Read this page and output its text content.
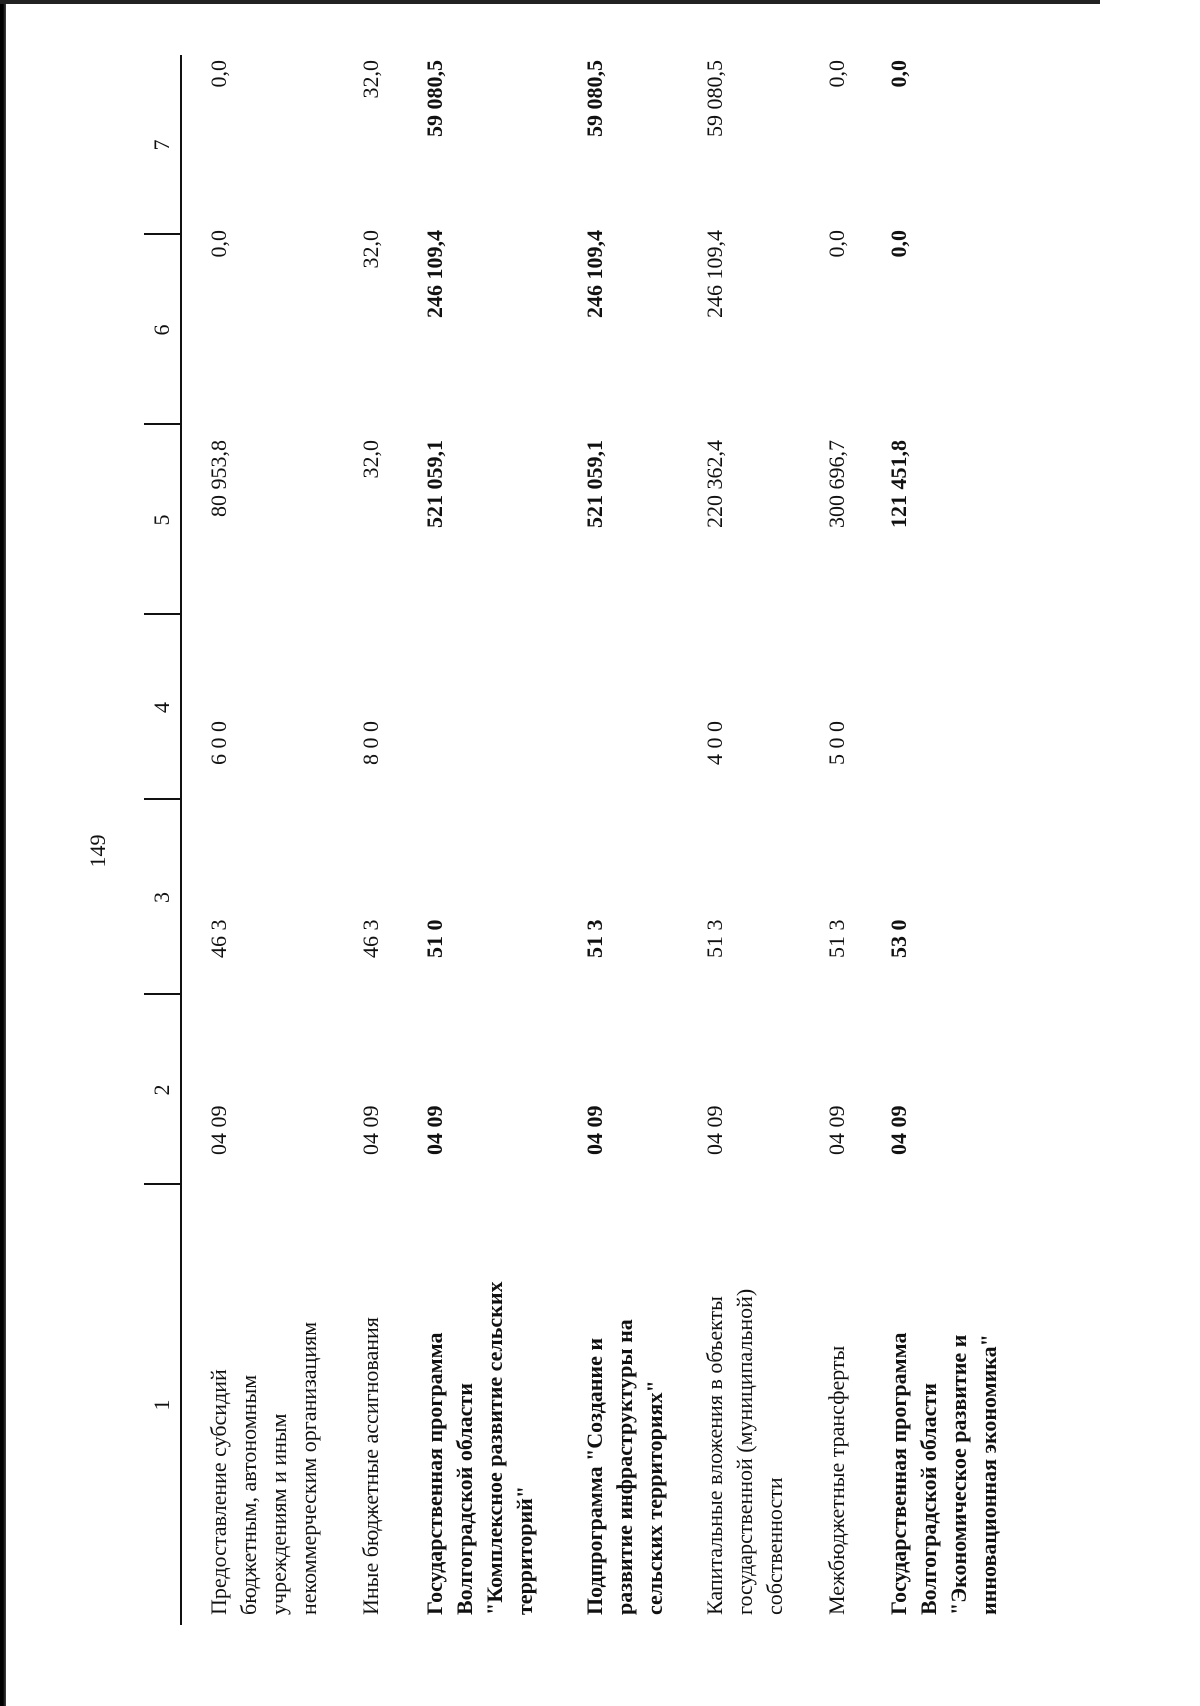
149
1
2
3
4
5
6
7
Предоставление субсидий бюджетным, автономным учреждениям и иным некоммерческим организациям
04 09
46 3
6 0 0
80 953,8
0,0
0,0
Иные бюджетные ассигнования
04 09
46 3
8 0 0
32,0
32,0
32,0
Государственная программа Волгоградской области "Комплексное развитие сельских территорий"
04 09
51 0
521 059,1
246 109,4
59 080,5
Подпрограмма "Создание и развитие инфраструктуры на сельских территориях"
04 09
51 3
521 059,1
246 109,4
59 080,5
Капитальные вложения в объекты государственной (муниципальной) собственности
04 09
51 3
4 0 0
220 362,4
246 109,4
59 080,5
Межбюджетные трансферты
04 09
51 3
5 0 0
300 696,7
0,0
0,0
Государственная программа Волгоградской области "Экономическое развитие и инновационная экономика"
04 09
53 0
121 451,8
0,0
0,0
